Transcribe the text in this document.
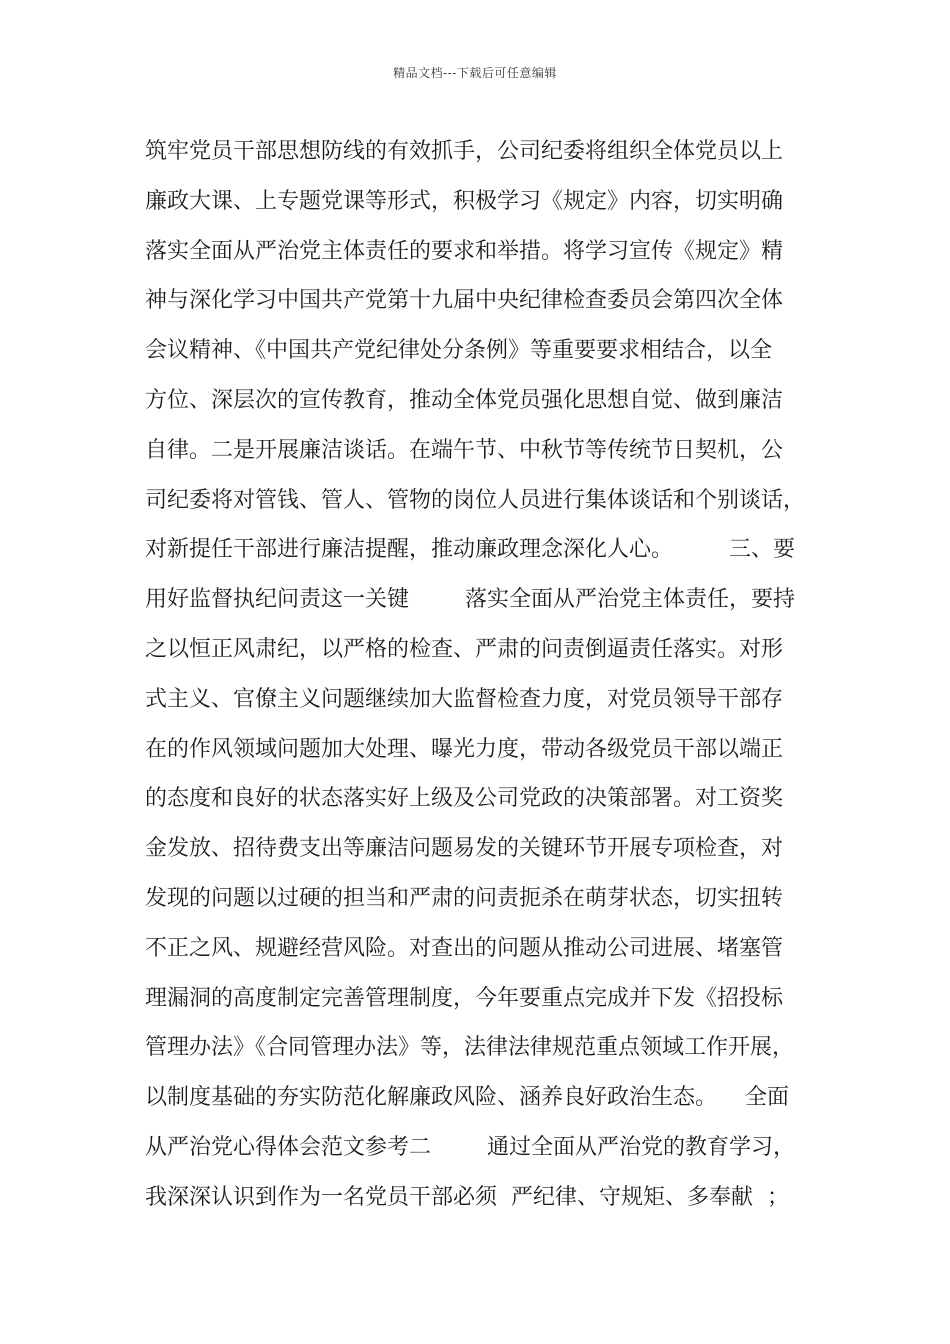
精品文档---下载后可任意编辑
筑牢党员干部思想防线的有效抓手，公司纪委将组织全体党员以上
廉政大课、上专题党课等形式，积极学习《规定》内容，切实明确
落实全面从严治党主体责任的要求和举措。将学习宣传《规定》精
神与深化学习中国共产党第十九届中央纪律检查委员会第四次全体
会议精神、《中国共产党纪律处分条例》等重要要求相结合，以全
方位、深层次的宣传教育，推动全体党员强化思想自觉、做到廉洁
自律。二是开展廉洁谈话。在端午节、中秋节等传统节日契机，公
司纪委将对管钱、管人、管物的岗位人员进行集体谈话和个别谈话，
对新提任干部进行廉洁提醒，推动廉政理念深化人心。        三、要
用好监督执纪问责这一关键        落实全面从严治党主体责任，要持
之以恒正风肃纪，以严格的检查、严肃的问责倒逼责任落实。对形
式主义、官僚主义问题继续加大监督检查力度，对党员领导干部存
在的作风领域问题加大处理、曝光力度，带动各级党员干部以端正
的态度和良好的状态落实好上级及公司党政的决策部署。对工资奖
金发放、招待费支出等廉洁问题易发的关键环节开展专项检查，对
发现的问题以过硬的担当和严肃的问责扼杀在萌芽状态，切实扭转
不正之风、规避经营风险。对查出的问题从推动公司进展、堵塞管
理漏洞的高度制定完善管理制度，今年要重点完成并下发《招投标
管理办法》《合同管理办法》等，法律法律规范重点领域工作开展，
以制度基础的夯实防范化解廉政风险、涵养良好政治生态。    全面
从严治党心得体会范文参考二        通过全面从严治党的教育学习，
我深深认识到作为一名党员干部必须  严纪律、守规矩、多奉献  ；
